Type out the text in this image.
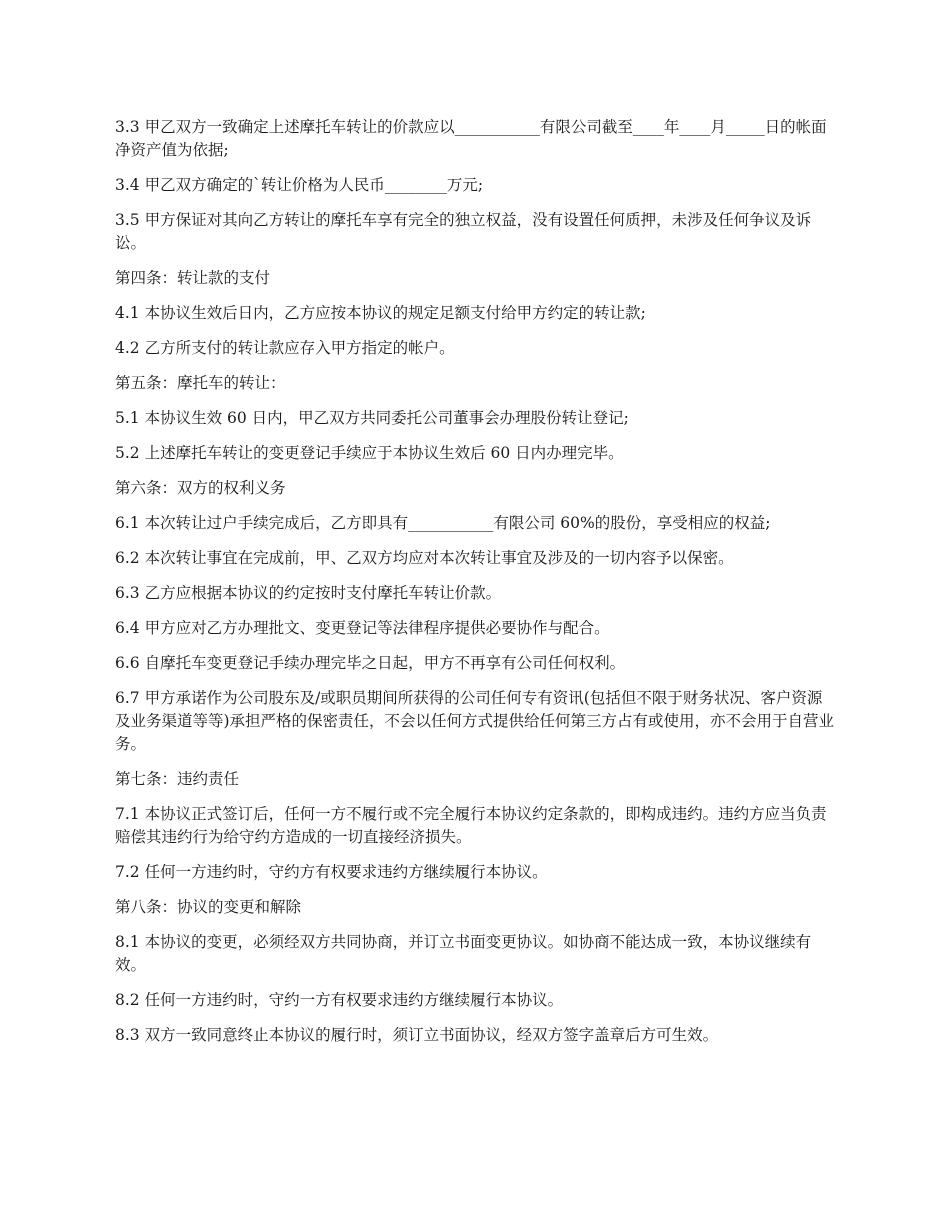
3.3 甲乙双方一致确定上述摩托车转让的价款应以___________有限公司截至____年____月_____日的帐面净资产值为依据;

3.4 甲乙双方确定的`转让价格为人民币________万元;

3.5 甲方保证对其向乙方转让的摩托车享有完全的独立权益，没有设置任何质押，未涉及任何争议及诉讼。

第四条：转让款的支付

4.1 本协议生效后日内，乙方应按本协议的规定足额支付给甲方约定的转让款;

4.2 乙方所支付的转让款应存入甲方指定的帐户。

第五条：摩托车的转让：

5.1 本协议生效 60 日内，甲乙双方共同委托公司董事会办理股份转让登记;

5.2 上述摩托车转让的变更登记手续应于本协议生效后 60 日内办理完毕。

第六条：双方的权利义务

6.1 本次转让过户手续完成后，乙方即具有___________有限公司 60%的股份，享受相应的权益;

6.2 本次转让事宜在完成前，甲、乙双方均应对本次转让事宜及涉及的一切内容予以保密。

6.3 乙方应根据本协议的约定按时支付摩托车转让价款。

6.4 甲方应对乙方办理批文、变更登记等法律程序提供必要协作与配合。

6.6 自摩托车变更登记手续办理完毕之日起，甲方不再享有公司任何权利。

6.7 甲方承诺作为公司股东及/或职员期间所获得的公司任何专有资讯(包括但不限于财务状况、客户资源及业务渠道等等)承担严格的保密责任，不会以任何方式提供给任何第三方占有或使用，亦不会用于自营业务。

第七条：违约责任

7.1 本协议正式签订后，任何一方不履行或不完全履行本协议约定条款的，即构成违约。违约方应当负责赔偿其违约行为给守约方造成的一切直接经济损失。

7.2 任何一方违约时，守约方有权要求违约方继续履行本协议。

第八条：协议的变更和解除

8.1 本协议的变更，必须经双方共同协商，并订立书面变更协议。如协商不能达成一致，本协议继续有效。

8.2 任何一方违约时，守约一方有权要求违约方继续履行本协议。

8.3 双方一致同意终止本协议的履行时，须订立书面协议，经双方签字盖章后方可生效。
